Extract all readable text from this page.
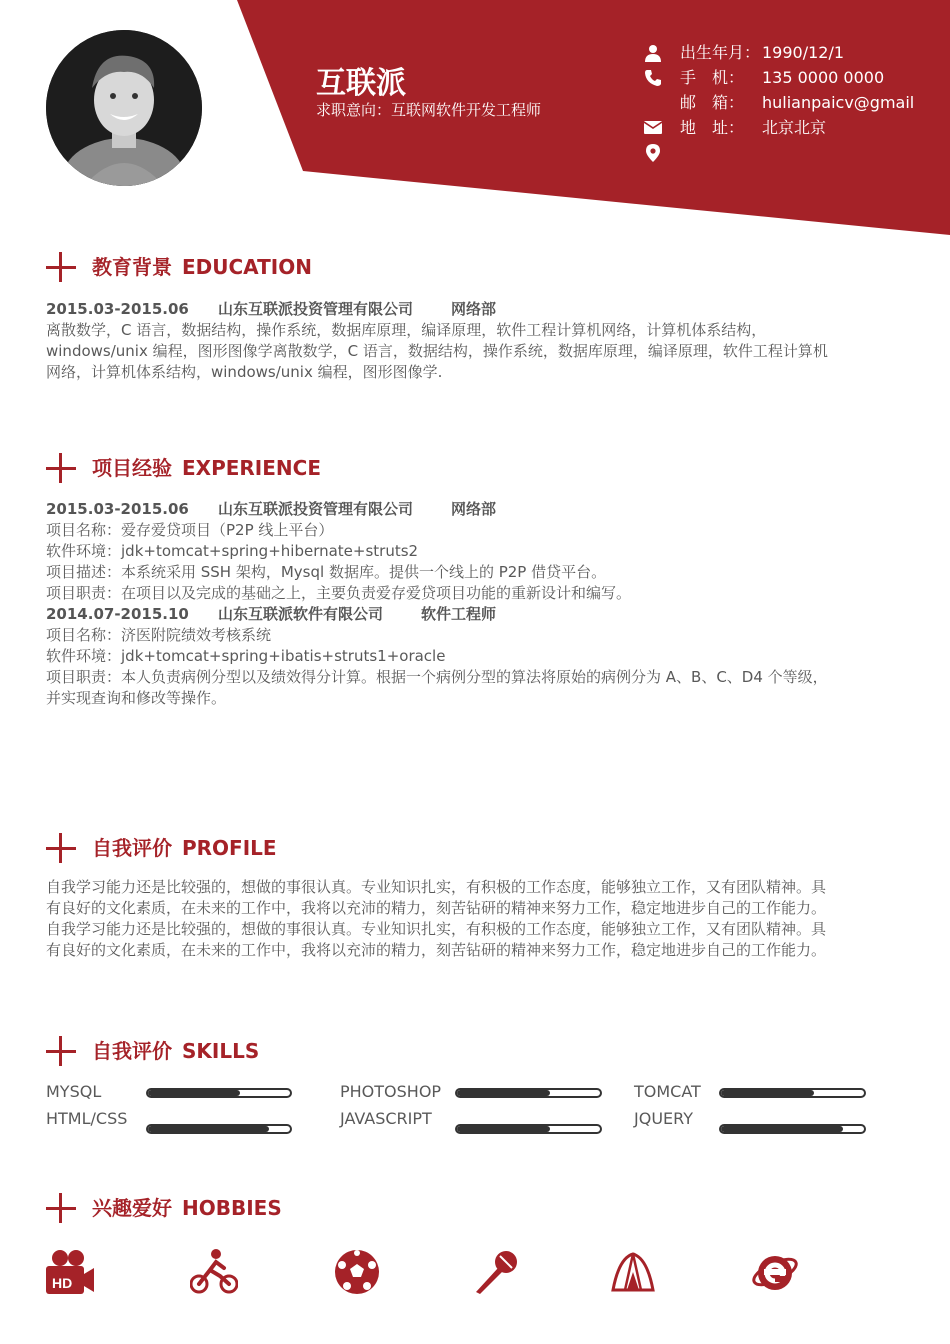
互联派
求职意向：互联网软件开发工程师
出生年月： 1990/12/1
手　机： 135 0000 0000
邮　箱： hulianpaicv@gmail
地　址： 北京北京
教育背景 EDUCATION
2015.03-2015.06 山东互联派投资管理有限公司	网络部
离散数学，C 语言，数据结构，操作系统，数据库原理，编译原理，软件工程计算机网络，计算机体系结构，
windows/unix 编程，图形图像学离散数学，C 语言，数据结构，操作系统，数据库原理，编译原理，软件工程计算机
网络，计算机体系结构，windows/unix 编程，图形图像学.
项目经验 EXPERIENCE
2015.03-2015.06 山东互联派投资管理有限公司	网络部
项目名称：爱存爱贷项目（P2P 线上平台）
软件环境：jdk+tomcat+spring+hibernate+struts2
项目描述：本系统采用 SSH 架构，Mysql 数据库。提供一个线上的 P2P 借贷平台。
项目职责：在项目以及完成的基础之上，主要负责爱存爱贷项目功能的重新设计和编写。
2014.07-2015.10 山东互联派软件有限公司	软件工程师
项目名称：济医附院绩效考核系统
软件环境：jdk+tomcat+spring+ibatis+struts1+oracle
项目职责：本人负责病例分型以及绩效得分计算。根据一个病例分型的算法将原始的病例分为 A、B、C、D4 个等级，
并实现查询和修改等操作。
自我评价 PROFILE
自我学习能力还是比较强的，想做的事很认真。专业知识扎实，有积极的工作态度，能够独立工作，又有团队精神。具
有良好的文化素质，在未来的工作中，我将以充沛的精力，刻苦钻研的精神来努力工作，稳定地进步自己的工作能力。
自我学习能力还是比较强的，想做的事很认真。专业知识扎实，有积极的工作态度，能够独立工作，又有团队精神。具
有良好的文化素质，在未来的工作中，我将以充沛的精力，刻苦钻研的精神来努力工作，稳定地进步自己的工作能力。
自我评价 SKILLS
MYSQL	PHOTOSHOP	TOMCAT
HTML/CSS	JAVASCRIPT	JQUERY
兴趣爱好 HOBBIES
HD
